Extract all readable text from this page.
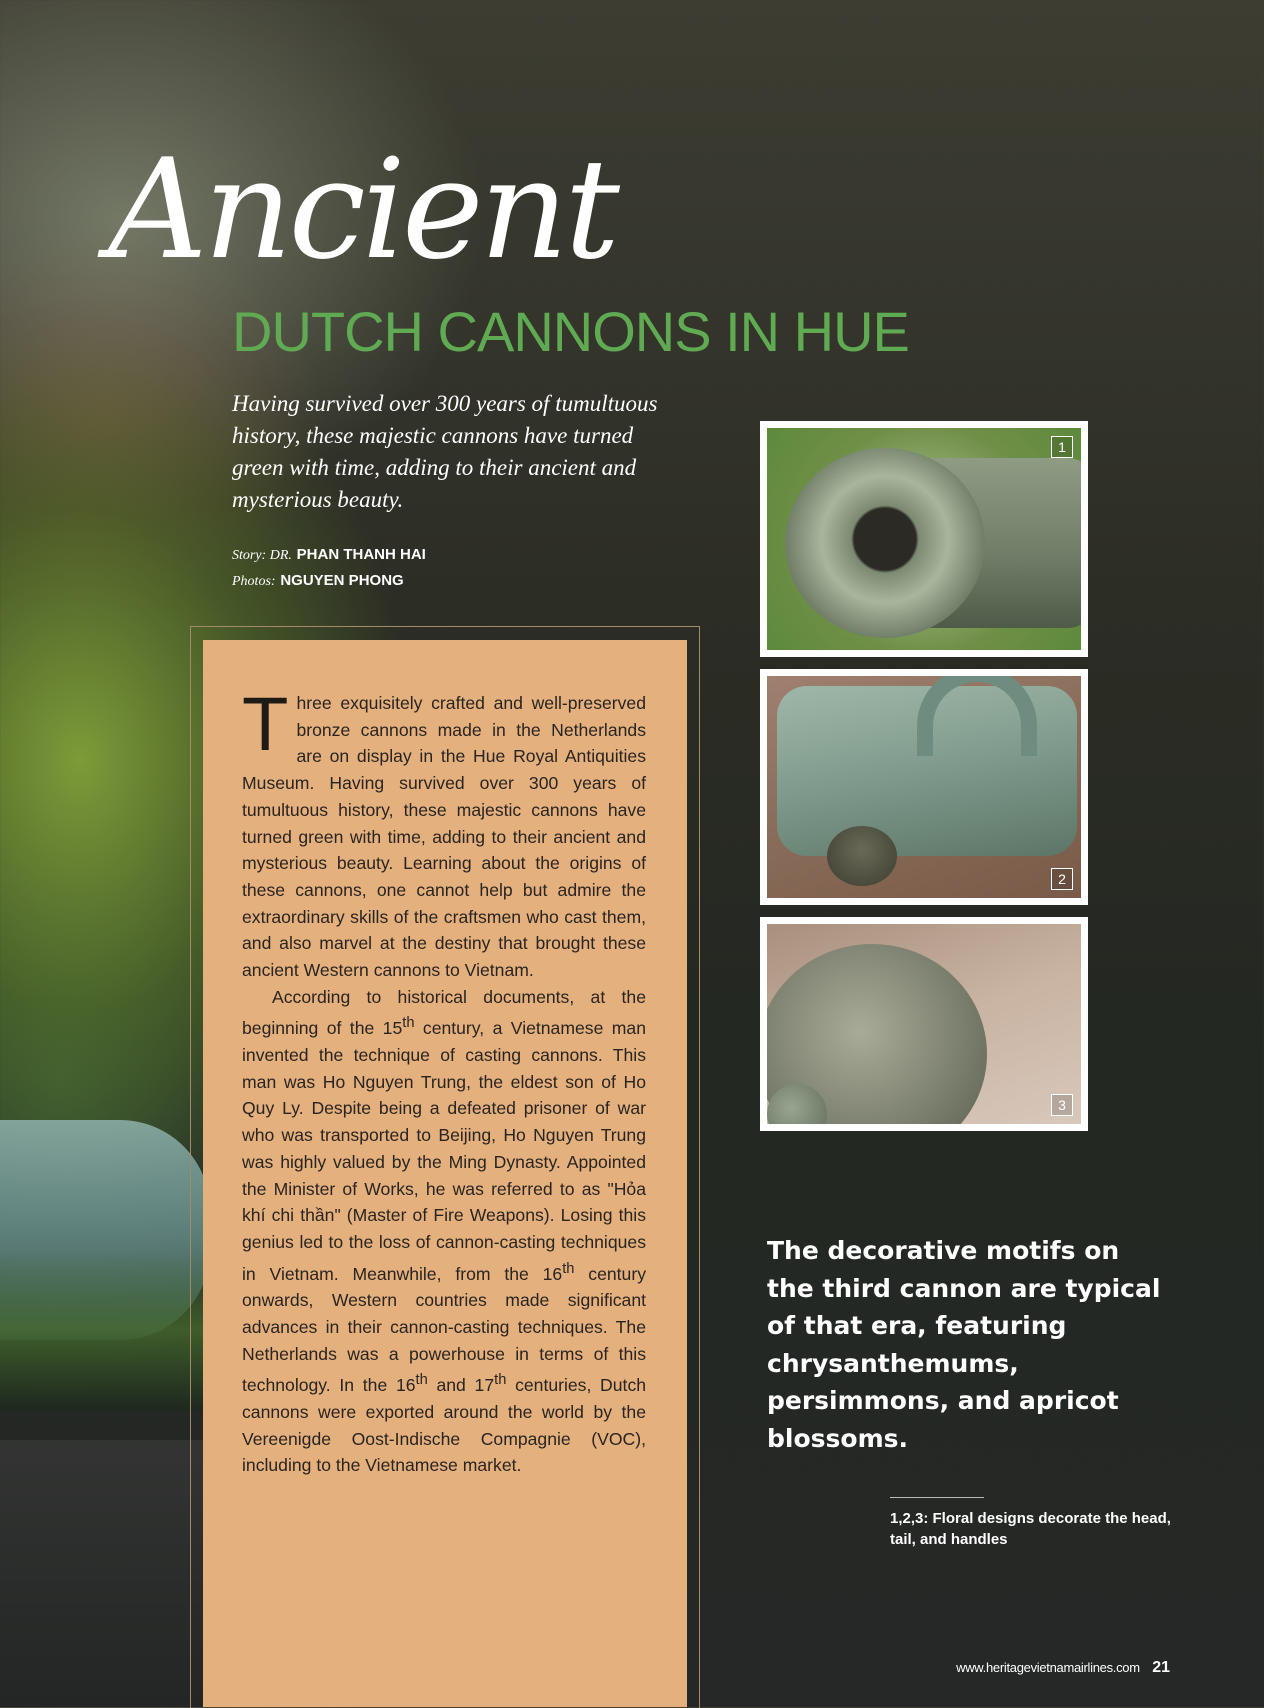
Ancient
DUTCH CANNONS IN HUE
Having survived over 300 years of tumultuous history, these majestic cannons have turned green with time, adding to their ancient and mysterious beauty.
Story: DR. PHAN THANH HAI
Photos: NGUYEN PHONG

Three exquisitely crafted and well-preserved bronze cannons made in the Netherlands are on display in the Hue Royal Antiquities Museum. Having survived over 300 years of tumultuous history, these majestic cannons have turned green with time, adding to their ancient and mysterious beauty. Learning about the origins of these cannons, one cannot help but admire the extraordinary skills of the craftsmen who cast them, and also marvel at the destiny that brought these ancient Western cannons to Vietnam.

According to historical documents, at the beginning of the 15th century, a Vietnamese man invented the technique of casting cannons. This man was Ho Nguyen Trung, the eldest son of Ho Quy Ly. Despite being a defeated prisoner of war who was transported to Beijing, Ho Nguyen Trung was highly valued by the Ming Dynasty. Appointed the Minister of Works, he was referred to as "Hỏa khí chi thần" (Master of Fire Weapons). Losing this genius led to the loss of cannon-casting techniques in Vietnam. Meanwhile, from the 16th century onwards, Western countries made significant advances in their cannon-casting techniques. The Netherlands was a powerhouse in terms of this technology. In the 16th and 17th centuries, Dutch cannons were exported around the world by the Vereenigde Oost-Indische Compagnie (VOC), including to the Vietnamese market.

1
2
3
The decorative motifs on the third cannon are typical of that era, featuring chrysanthemums, persimmons, and apricot blossoms.
1,2,3: Floral designs decorate the head, tail, and handles
www.heritagevietnamairlines.com 21
